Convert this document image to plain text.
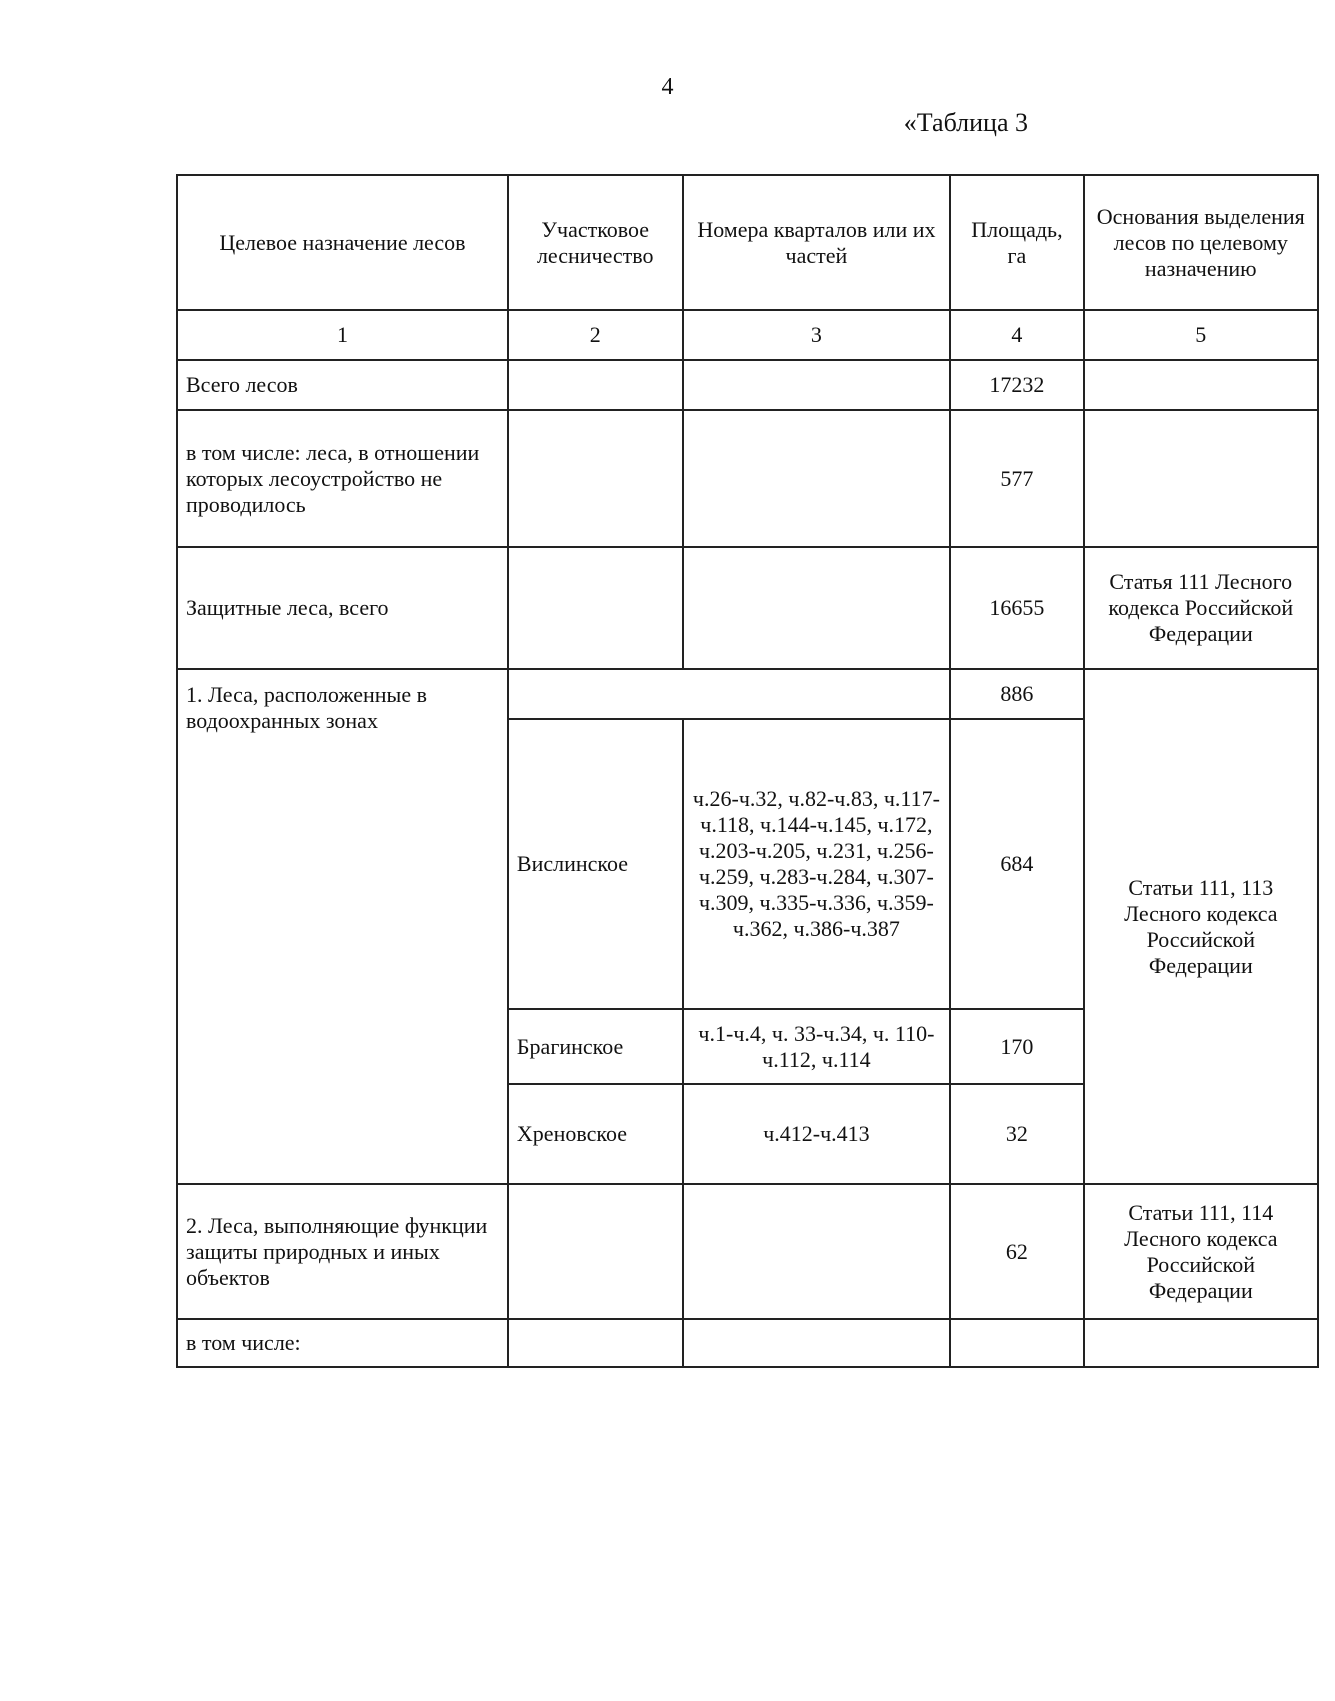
4
«Таблица 3
Целевое назначение лесов	Участковое лесничество	Номера кварталов или их частей	Площадь, га	Основания выделения лесов по целевому назначению
1	2	3	4	5
Всего лесов			17232	
в том числе: леса, в отношении которых лесоустройство не проводилось			577	
Защитные леса, всего			16655	Статья 111 Лесного кодекса Российской Федерации
1. Леса, расположенные в водоохранных зонах			886	Статьи 111, 113 Лесного кодекса Российской Федерации
	Вислинское	ч.26-ч.32, ч.82-ч.83, ч.117-ч.118, ч.144-ч.145, ч.172, ч.203-ч.205, ч.231, ч.256-ч.259, ч.283-ч.284, ч.307-ч.309, ч.335-ч.336, ч.359-ч.362, ч.386-ч.387	684	
	Брагинское	ч.1-ч.4, ч. 33-ч.34, ч. 110-ч.112, ч.114	170	
	Хреновское	ч.412-ч.413	32	
2. Леса, выполняющие функции защиты природных и иных объектов			62	Статьи 111, 114 Лесного кодекса Российской Федерации
в том числе:				
